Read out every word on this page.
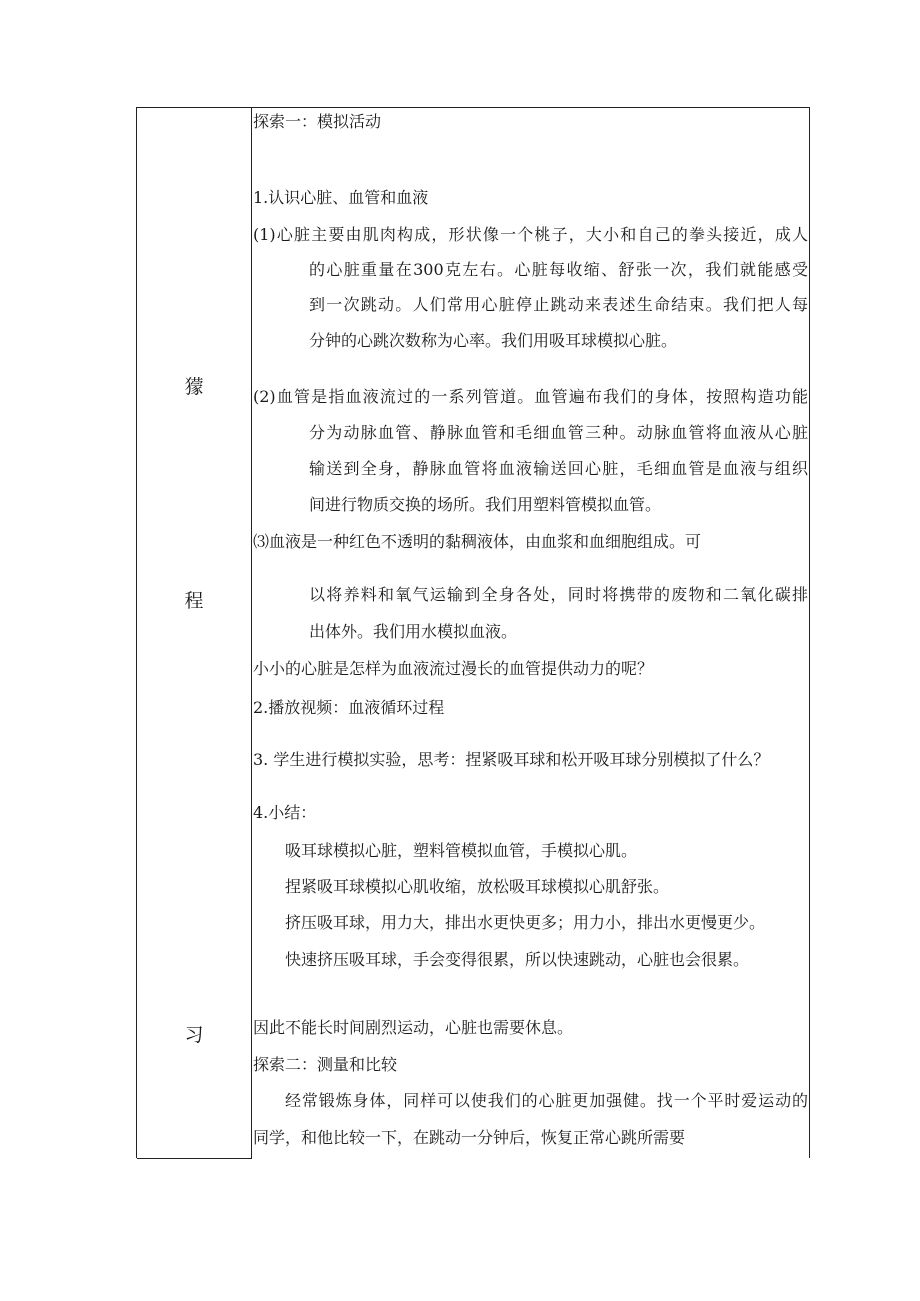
獴
程
习
探索一：模拟活动
1.认识心脏、血管和血液
(1)心脏主要由肌肉构成，形状像一个桃子，大小和自己的拳头接近，成人
的心脏重量在300克左右。心脏每收缩、舒张一次，我们就能感受
到一次跳动。人们常用心脏停止跳动来表述生命结束。我们把人每
分钟的心跳次数称为心率。我们用吸耳球模拟心脏。
(2)血管是指血液流过的一系列管道。血管遍布我们的身体，按照构造功能
分为动脉血管、静脉血管和毛细血管三种。动脉血管将血液从心脏
输送到全身，静脉血管将血液输送回心脏，毛细血管是血液与组织
间进行物质交换的场所。我们用塑料管模拟血管。
⑶血液是一种红色不透明的黏稠液体，由血浆和血细胞组成。可
以将养料和氧气运输到全身各处，同时将携带的废物和二氧化碳排
出体外。我们用水模拟血液。
小小的心脏是怎样为血液流过漫长的血管提供动力的呢？
2.播放视频：血液循环过程
3. 学生进行模拟实验，思考：捏紧吸耳球和松开吸耳球分别模拟了什么？
4.小结：
吸耳球模拟心脏，塑料管模拟血管，手模拟心肌。
捏紧吸耳球模拟心肌收缩，放松吸耳球模拟心肌舒张。
挤压吸耳球，用力大，排出水更快更多；用力小，排出水更慢更少。
快速挤压吸耳球，手会变得很累，所以快速跳动，心脏也会很累。
因此不能长时间剧烈运动，心脏也需要休息。
探索二：测量和比较
经常锻炼身体，同样可以使我们的心脏更加强健。找一个平时爱运动的
同学，和他比较一下，在跳动一分钟后，恢复正常心跳所需要
